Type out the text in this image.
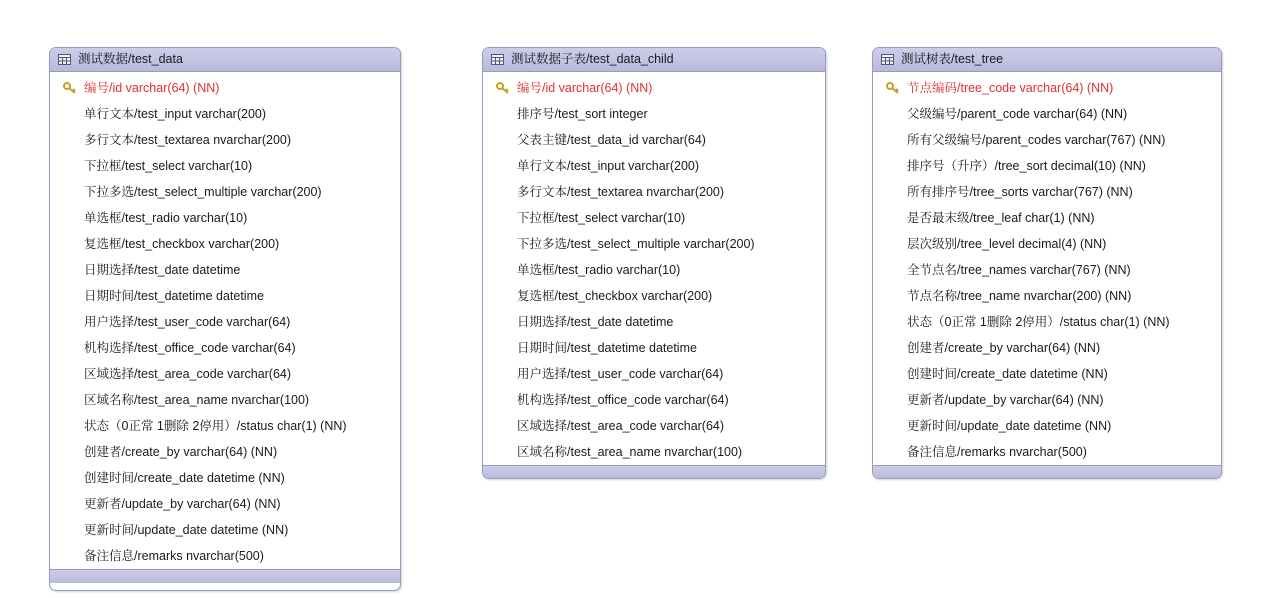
测试数据/test_data
编号/id varchar(64) (NN)
单行文本/test_input varchar(200)
多行文本/test_textarea nvarchar(200)
下拉框/test_select varchar(10)
下拉多选/test_select_multiple varchar(200)
单选框/test_radio varchar(10)
复选框/test_checkbox varchar(200)
日期选择/test_date datetime
日期时间/test_datetime datetime
用户选择/test_user_code varchar(64)
机构选择/test_office_code varchar(64)
区域选择/test_area_code varchar(64)
区域名称/test_area_name nvarchar(100)
状态（0正常 1删除 2停用）/status char(1) (NN)
创建者/create_by varchar(64) (NN)
创建时间/create_date datetime (NN)
更新者/update_by varchar(64) (NN)
更新时间/update_date datetime (NN)
备注信息/remarks nvarchar(500)
测试数据子表/test_data_child
编号/id varchar(64) (NN)
排序号/test_sort integer
父表主键/test_data_id varchar(64)
单行文本/test_input varchar(200)
多行文本/test_textarea nvarchar(200)
下拉框/test_select varchar(10)
下拉多选/test_select_multiple varchar(200)
单选框/test_radio varchar(10)
复选框/test_checkbox varchar(200)
日期选择/test_date datetime
日期时间/test_datetime datetime
用户选择/test_user_code varchar(64)
机构选择/test_office_code varchar(64)
区域选择/test_area_code varchar(64)
区域名称/test_area_name nvarchar(100)
测试树表/test_tree
节点编码/tree_code varchar(64) (NN)
父级编号/parent_code varchar(64) (NN)
所有父级编号/parent_codes varchar(767) (NN)
排序号（升序）/tree_sort decimal(10) (NN)
所有排序号/tree_sorts varchar(767) (NN)
是否最末级/tree_leaf char(1) (NN)
层次级别/tree_level decimal(4) (NN)
全节点名/tree_names varchar(767) (NN)
节点名称/tree_name nvarchar(200) (NN)
状态（0正常 1删除 2停用）/status char(1) (NN)
创建者/create_by varchar(64) (NN)
创建时间/create_date datetime (NN)
更新者/update_by varchar(64) (NN)
更新时间/update_date datetime (NN)
备注信息/remarks nvarchar(500)
